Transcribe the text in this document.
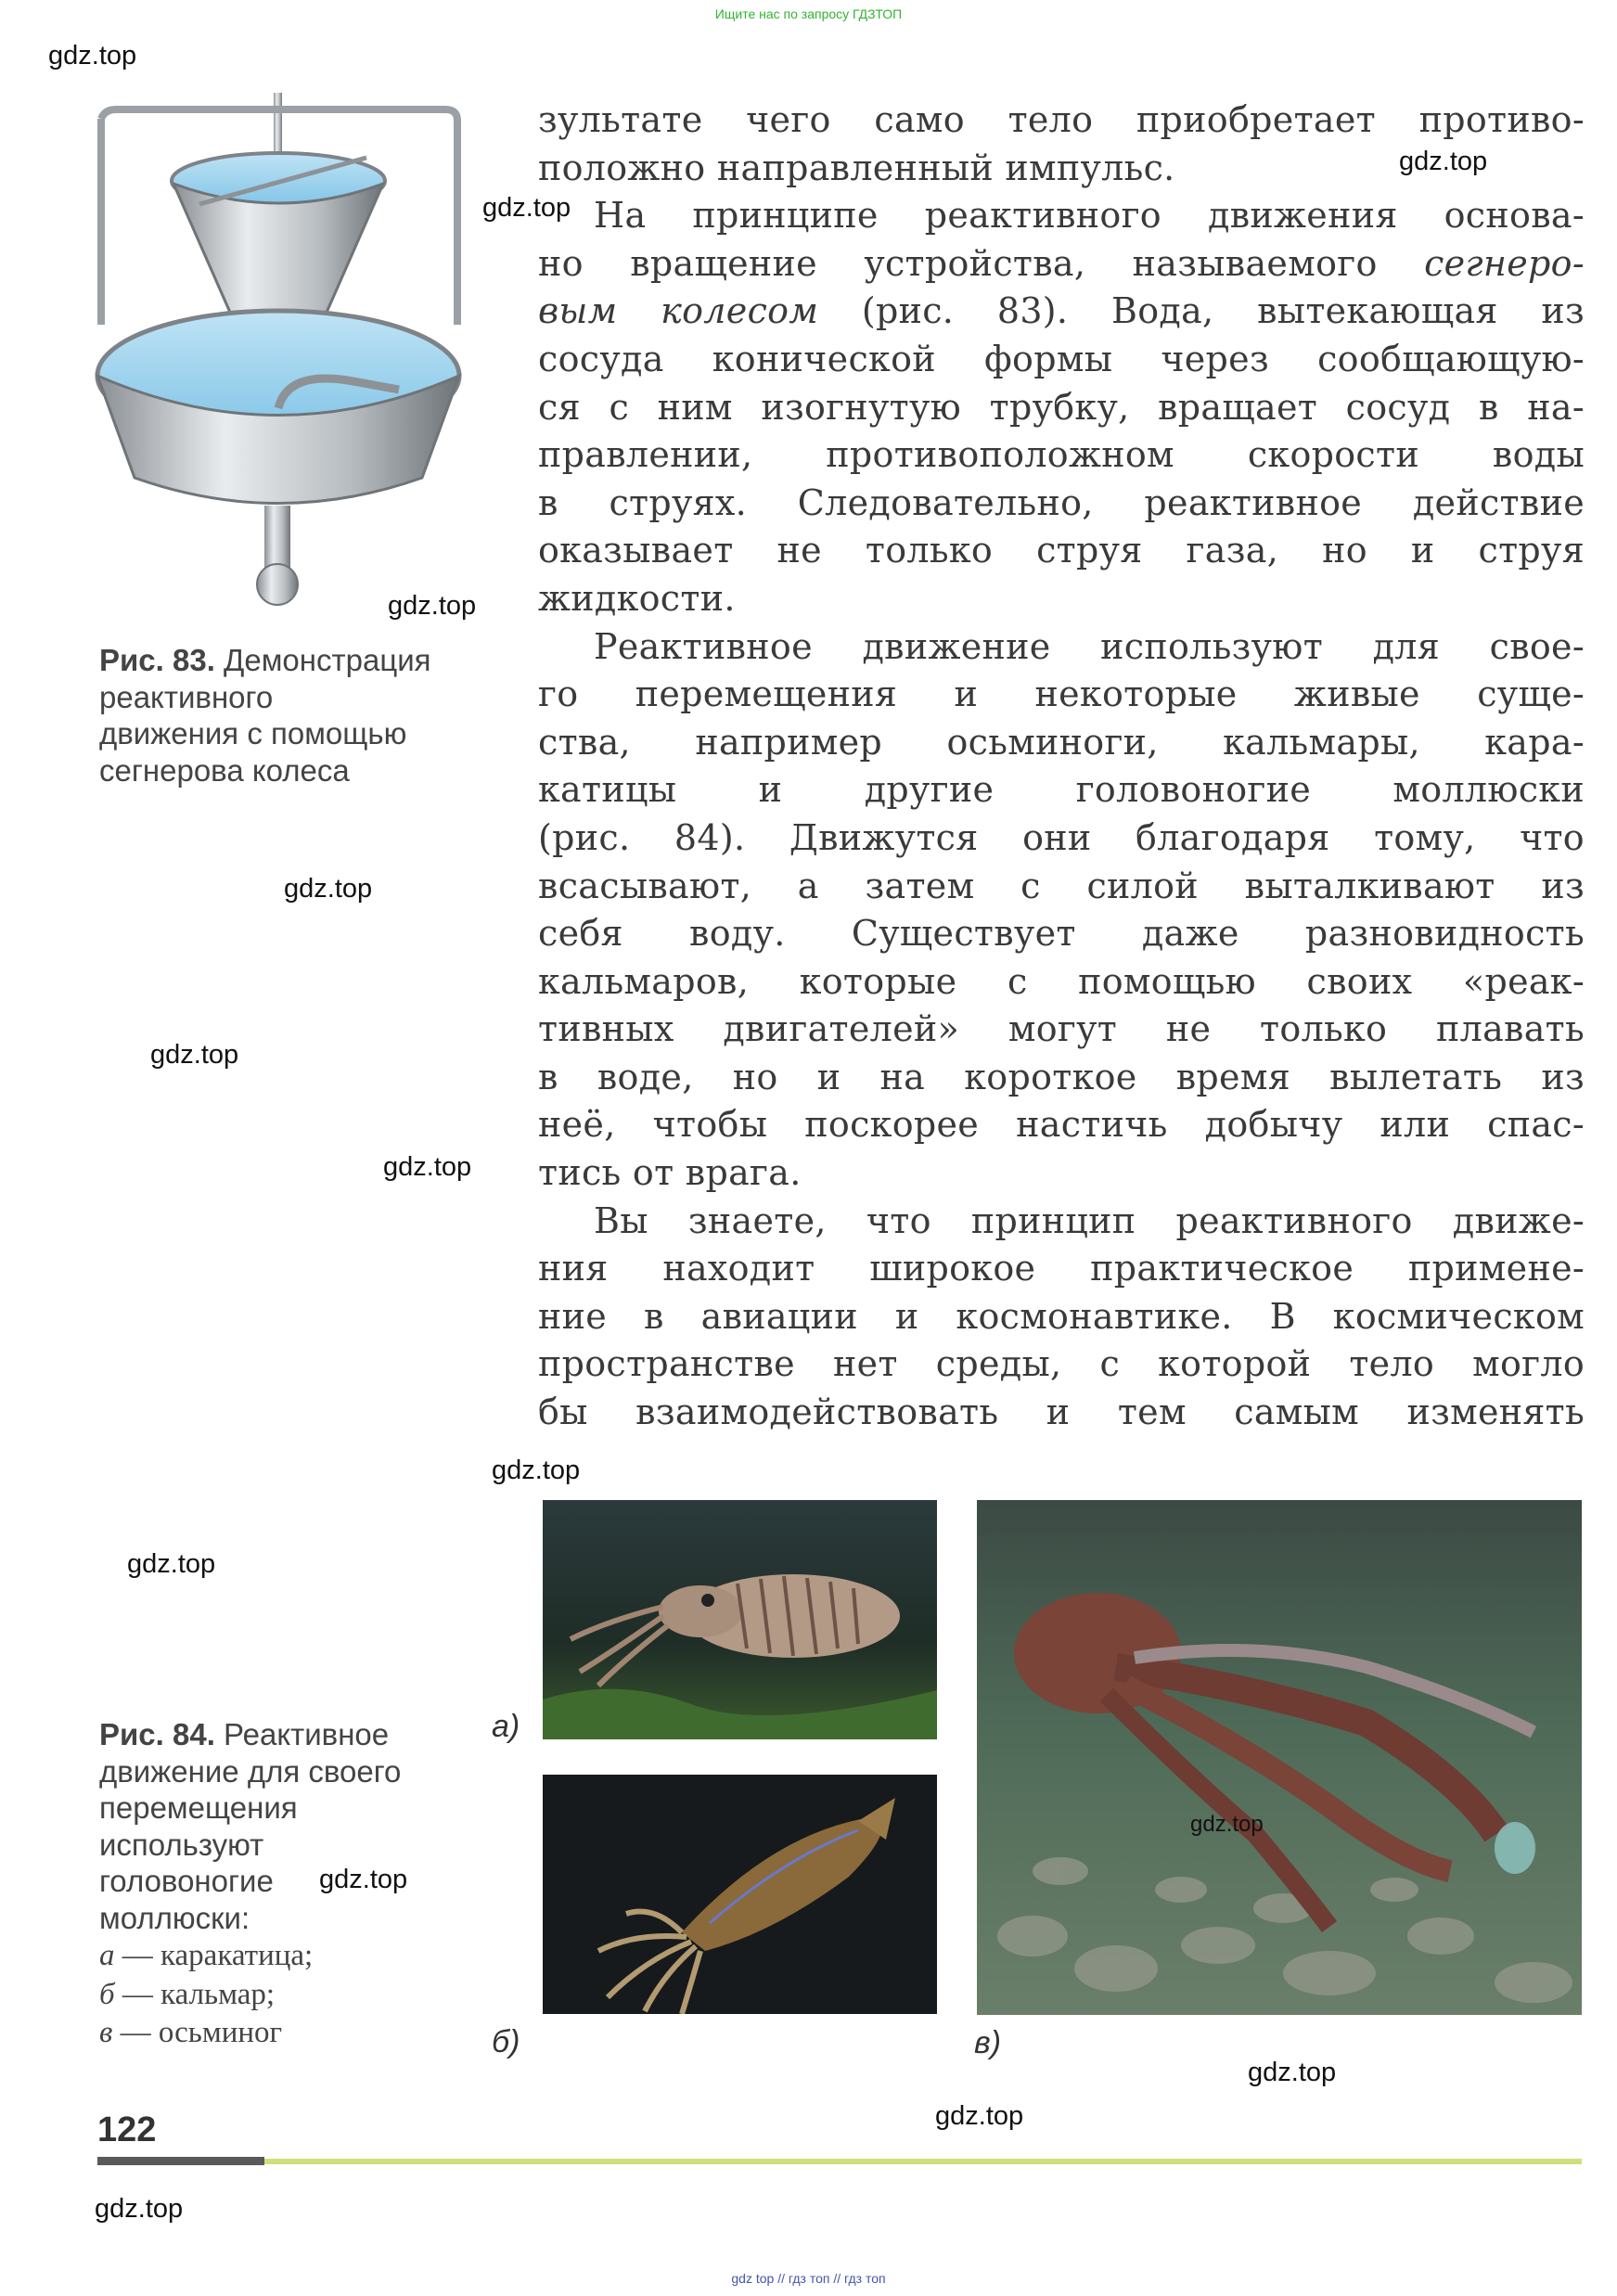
Ищите нас по запросу ГДЗТОП
Рис. 83. Демонстрация
реактивного
движения с помощью
сегнерова колеса
зультате чего само тело приобретает противо-
положно направленный импульс.
На принципе реактивного движения основа-
но вращение устройства, называемого сегнеро-
вым колесом (рис. 83). Вода, вытекающая из
сосуда конической формы через сообщающую-
ся с ним изогнутую трубку, вращает сосуд в на-
правлении, противоположном скорости воды
в струях. Следовательно, реактивное действие
оказывает не только струя газа, но и струя
жидкости.
Реактивное движение используют для свое-
го перемещения и некоторые живые суще-
ства, например осьминоги, кальмары, кара-
катицы и другие головоногие моллюски
(рис. 84). Движутся они благодаря тому, что
всасывают, а затем с силой выталкивают из
себя воду. Существует даже разновидность
кальмаров, которые с помощью своих «реак-
тивных двигателей» могут не только плавать
в воде, но и на короткое время вылетать из
неё, чтобы поскорее настичь добычу или спас-
тись от врага.
Вы знаете, что принцип реактивного движе-
ния находит широкое практическое примене-
ние в авиации и космонавтике. В космическом
пространстве нет среды, с которой тело могло
бы взаимодействовать и тем самым изменять
а)
б)	в)
Рис. 84. Реактивное
движение для своего
перемещения
используют
головоногие
моллюски:
а — каракатица;
б — кальмар;
в — осьминог
gdz.top
gdz.top
gdz.top
gdz.top
gdz.top
gdz.top
gdz.top
gdz.top
gdz.top
gdz.top
gdz.top
gdz.top
gdz.top
gdz.top
122
gdz top // гдз топ // гдз топ
